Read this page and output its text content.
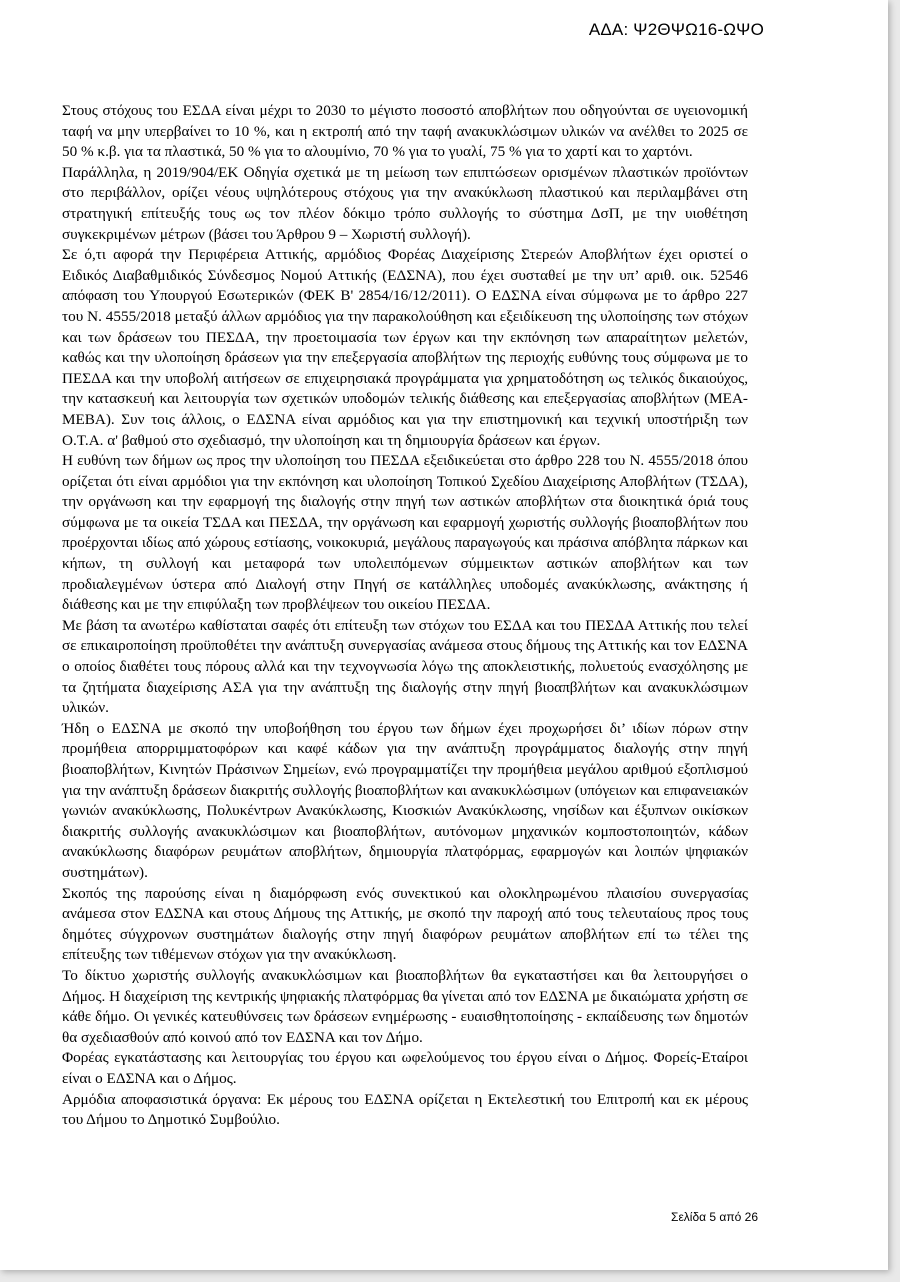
ΑΔΑ: Ψ2ΘΨΩ16-ΩΨΟ

Στους στόχους του ΕΣΔΑ είναι μέχρι το 2030 το μέγιστο ποσοστό αποβλήτων που οδηγούνται σε υγειονομική ταφή να μην υπερβαίνει το 10 %, και η εκτροπή από την ταφή ανακυκλώσιμων υλικών να ανέλθει το 2025 σε 50 % κ.β. για τα πλαστικά, 50 % για το αλουμίνιο, 70 % για το γυαλί, 75 % για το χαρτί και το χαρτόνι.

Παράλληλα, η 2019/904/ΕΚ Οδηγία σχετικά με τη μείωση των επιπτώσεων ορισμένων πλαστικών προϊόντων στο περιβάλλον, ορίζει νέους υψηλότερους στόχους για την ανακύκλωση πλαστικού και περιλαμβάνει στη στρατηγική επίτευξής τους ως τον πλέον δόκιμο τρόπο συλλογής το σύστημα ΔσΠ, με την υιοθέτηση συγκεκριμένων μέτρων (βάσει του Άρθρου 9 – Χωριστή συλλογή).

Σε ό,τι αφορά την Περιφέρεια Αττικής, αρμόδιος Φορέας Διαχείρισης Στερεών Αποβλήτων έχει οριστεί ο Ειδικός Διαβαθμιδικός Σύνδεσμος Νομού Αττικής (ΕΔΣΝΑ), που έχει συσταθεί με την υπ’ αριθ. οικ. 52546 απόφαση του Υπουργού Εσωτερικών (ΦΕΚ Β' 2854/16/12/2011). Ο ΕΔΣΝΑ είναι σύμφωνα με το άρθρο 227 του Ν. 4555/2018 μεταξύ άλλων αρμόδιος για την παρακολούθηση και εξειδίκευση της υλοποίησης των στόχων και των δράσεων του ΠΕΣΔΑ, την προετοιμασία των έργων και την εκπόνηση των απαραίτητων μελετών, καθώς και την υλοποίηση δράσεων για την επεξεργασία αποβλήτων της περιοχής ευθύνης τους σύμφωνα με το ΠΕΣΔΑ και την υποβολή αιτήσεων σε επιχειρησιακά προγράμματα για χρηματοδότηση ως τελικός δικαιούχος, την κατασκευή και λειτουργία των σχετικών υποδομών τελικής διάθεσης και επεξεργασίας αποβλήτων (ΜΕΑ-ΜΕΒΑ). Συν τοις άλλοις, ο ΕΔΣΝΑ είναι αρμόδιος και για την επιστημονική και τεχνική υποστήριξη των Ο.Τ.Α. α' βαθμού στο σχεδιασμό, την υλοποίηση και τη δημιουργία δράσεων και έργων.

Η ευθύνη των δήμων ως προς την υλοποίηση του ΠΕΣΔΑ εξειδικεύεται στο άρθρο 228 του Ν. 4555/2018 όπου ορίζεται ότι είναι αρμόδιοι για την εκπόνηση και υλοποίηση Τοπικού Σχεδίου Διαχείρισης Αποβλήτων (ΤΣΔΑ), την οργάνωση και την εφαρμογή της διαλογής στην πηγή των αστικών αποβλήτων στα διοικητικά όριά τους σύμφωνα με τα οικεία ΤΣΔΑ και ΠΕΣΔΑ, την οργάνωση και εφαρμογή χωριστής συλλογής βιοαποβλήτων που προέρχονται ιδίως από χώρους εστίασης, νοικοκυριά, μεγάλους παραγωγούς και πράσινα απόβλητα πάρκων και κήπων, τη συλλογή και μεταφορά των υπολειπόμενων σύμμεικτων αστικών αποβλήτων και των προδιαλεγμένων ύστερα από Διαλογή στην Πηγή σε κατάλληλες υποδομές ανακύκλωσης, ανάκτησης ή διάθεσης και με την επιφύλαξη των προβλέψεων του οικείου ΠΕΣΔΑ.

Με βάση τα ανωτέρω καθίσταται σαφές ότι επίτευξη των στόχων του ΕΣΔΑ και του ΠΕΣΔΑ Αττικής που τελεί σε επικαιροποίηση προϋποθέτει την ανάπτυξη συνεργασίας ανάμεσα στους δήμους της Αττικής και τον ΕΔΣΝΑ ο οποίος διαθέτει τους πόρους αλλά και την τεχνογνωσία λόγω της αποκλειστικής, πολυετούς ενασχόλησης με τα ζητήματα διαχείρισης ΑΣΑ για την ανάπτυξη της διαλογής στην πηγή βιοαπβλήτων και ανακυκλώσιμων υλικών.

Ήδη ο ΕΔΣΝΑ με σκοπό την υποβοήθηση του έργου των δήμων έχει προχωρήσει δι’ ιδίων πόρων στην προμήθεια απορριμματοφόρων και καφέ κάδων για την ανάπτυξη προγράμματος διαλογής στην πηγή βιοαποβλήτων, Κινητών Πράσινων Σημείων, ενώ προγραμματίζει την προμήθεια μεγάλου αριθμού εξοπλισμού για την ανάπτυξη δράσεων διακριτής συλλογής βιοαποβλήτων και ανακυκλώσιμων (υπόγειων και επιφανειακών γωνιών ανακύκλωσης, Πολυκέντρων Ανακύκλωσης, Κιοσκιών Ανακύκλωσης, νησίδων και έξυπνων οικίσκων διακριτής συλλογής ανακυκλώσιμων και βιοαποβλήτων, αυτόνομων μηχανικών κομποστοποιητών, κάδων ανακύκλωσης διαφόρων ρευμάτων αποβλήτων, δημιουργία πλατφόρμας, εφαρμογών και λοιπών ψηφιακών συστημάτων).

Σκοπός της παρούσης είναι η διαμόρφωση ενός συνεκτικού και ολοκληρωμένου πλαισίου συνεργασίας ανάμεσα στον ΕΔΣΝΑ και στους Δήμους της Αττικής, με σκοπό την παροχή από τους τελευταίους προς τους δημότες σύγχρονων συστημάτων διαλογής στην πηγή διαφόρων ρευμάτων αποβλήτων επί τω τέλει της επίτευξης των τιθέμενων στόχων για την ανακύκλωση.

Το δίκτυο χωριστής συλλογής ανακυκλώσιμων και βιοαποβλήτων θα εγκαταστήσει και θα λειτουργήσει ο Δήμος. Η διαχείριση της κεντρικής ψηφιακής πλατφόρμας θα γίνεται από τον ΕΔΣΝΑ με δικαιώματα χρήστη σε κάθε δήμο. Οι γενικές κατευθύνσεις των δράσεων ενημέρωσης - ευαισθητοποίησης - εκπαίδευσης των δημοτών θα σχεδιασθούν από κοινού από τον ΕΔΣΝΑ και τον Δήμο.

Φορέας εγκατάστασης και λειτουργίας του έργου και ωφελούμενος του έργου είναι ο Δήμος. Φορείς-Εταίροι είναι ο ΕΔΣΝΑ και ο Δήμος.

Αρμόδια αποφασιστικά όργανα: Εκ μέρους του ΕΔΣΝΑ ορίζεται η Εκτελεστική του Επιτροπή και εκ μέρους του Δήμου το Δημοτικό Συμβούλιο.

Σελίδα 5 από 26
